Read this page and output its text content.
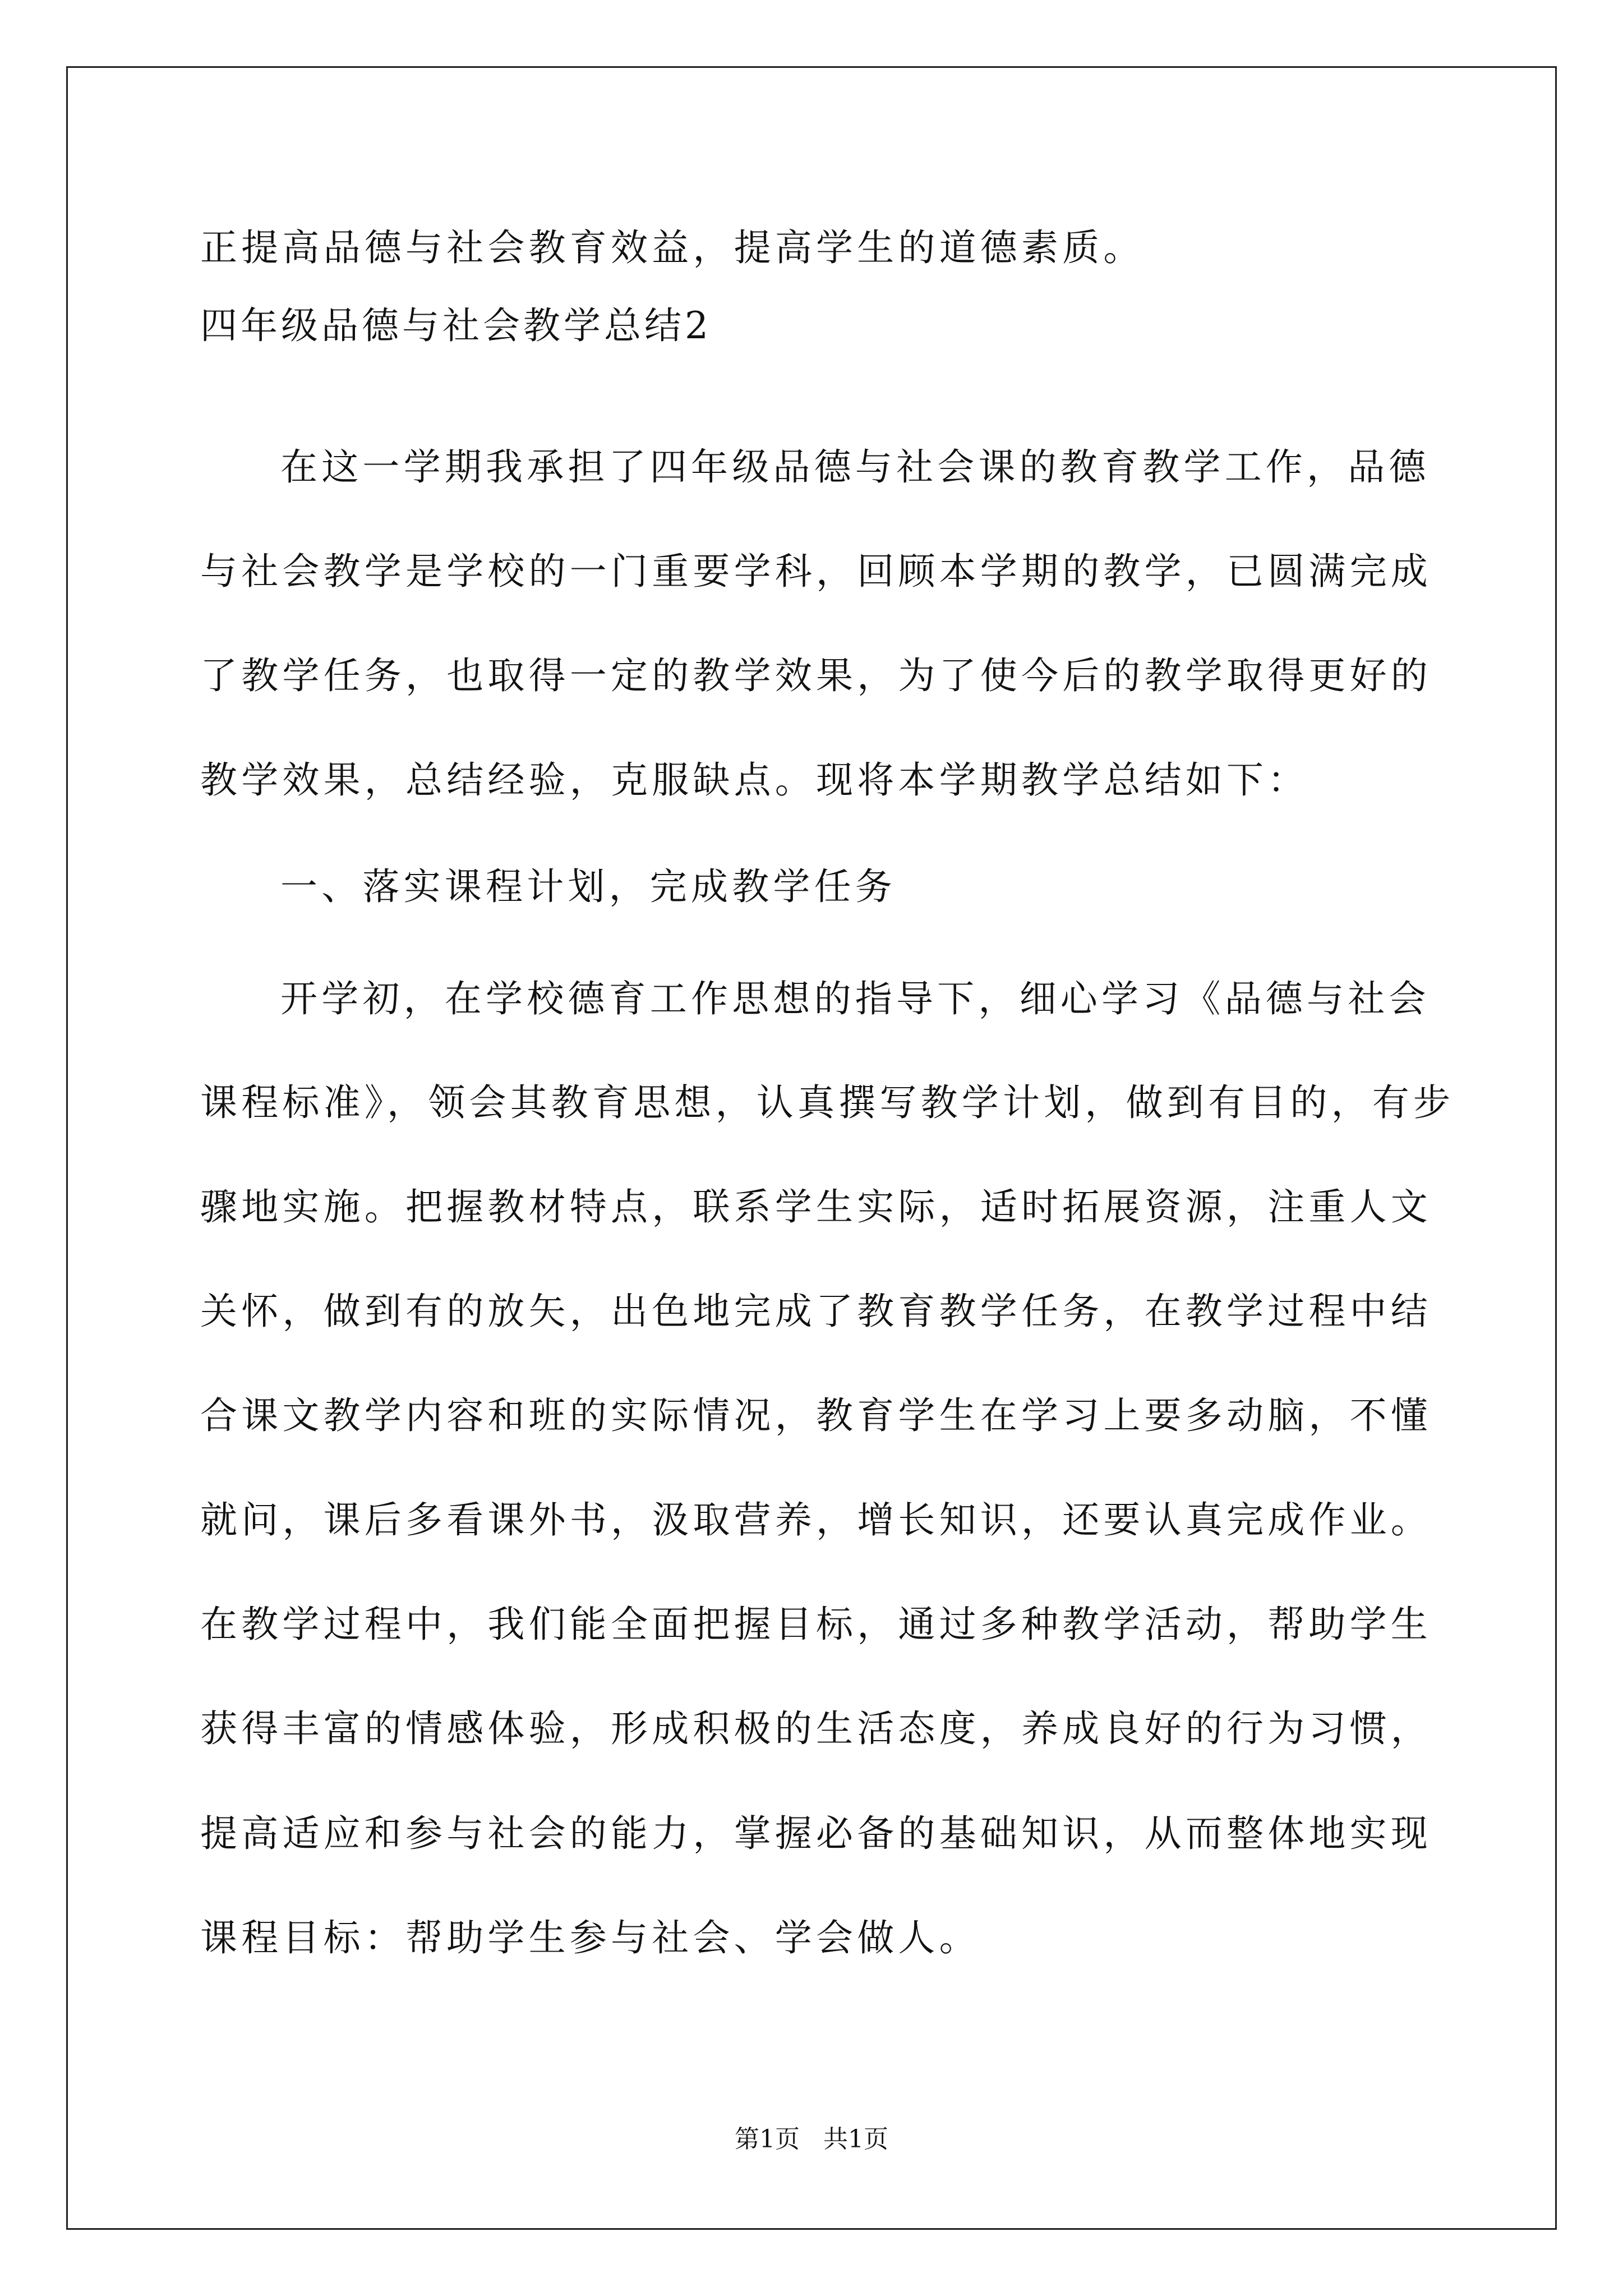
正提高品德与社会教育效益，提高学生的道德素质。
四年级品德与社会教学总结2
在这一学期我承担了四年级品德与社会课的教育教学工作，品德
与社会教学是学校的一门重要学科，回顾本学期的教学，已圆满完成
了教学任务，也取得一定的教学效果，为了使今后的教学取得更好的
教学效果，总结经验，克服缺点。现将本学期教学总结如下：
一、落实课程计划，完成教学任务
开学初，在学校德育工作思想的指导下，细心学习《品德与社会
课程标准》，领会其教育思想，认真撰写教学计划，做到有目的，有步
骤地实施。把握教材特点，联系学生实际，适时拓展资源，注重人文
关怀，做到有的放矢，出色地完成了教育教学任务，在教学过程中结
合课文教学内容和班的实际情况，教育学生在学习上要多动脑，不懂
就问，课后多看课外书，汲取营养，增长知识，还要认真完成作业。
在教学过程中，我们能全面把握目标，通过多种教学活动，帮助学生
获得丰富的情感体验，形成积极的生活态度，养成良好的行为习惯，
提高适应和参与社会的能力，掌握必备的基础知识，从而整体地实现
课程目标：帮助学生参与社会、学会做人。
第1页   共1页
